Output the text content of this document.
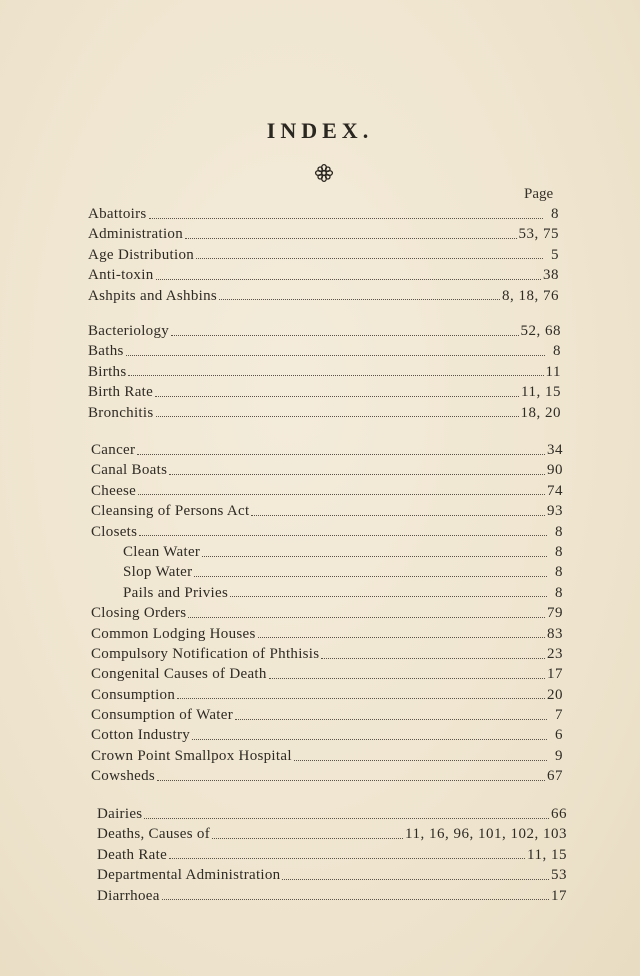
INDEX.
Page
Abattoirs	8
Administration	53, 75
Age Distribution	5
Anti-toxin	38
Ashpits and Ashbins	8, 18, 76
Bacteriology	52, 68
Baths	8
Births	11
Birth Rate	11, 15
Bronchitis	18, 20
Cancer	34
Canal Boats	90
Cheese	74
Cleansing of Persons Act	93
Closets	8
Clean Water	8
Slop Water	8
Pails and Privies	8
Closing Orders	79
Common Lodging Houses	83
Compulsory Notification of Phthisis	23
Congenital Causes of Death	17
Consumption	20
Consumption of Water	7
Cotton Industry	6
Crown Point Smallpox Hospital	9
Cowsheds	67
Dairies	66
Deaths, Causes of	11, 16, 96, 101, 102, 103
Death Rate	11, 15
Departmental Administration	53
Diarrhoea	17
